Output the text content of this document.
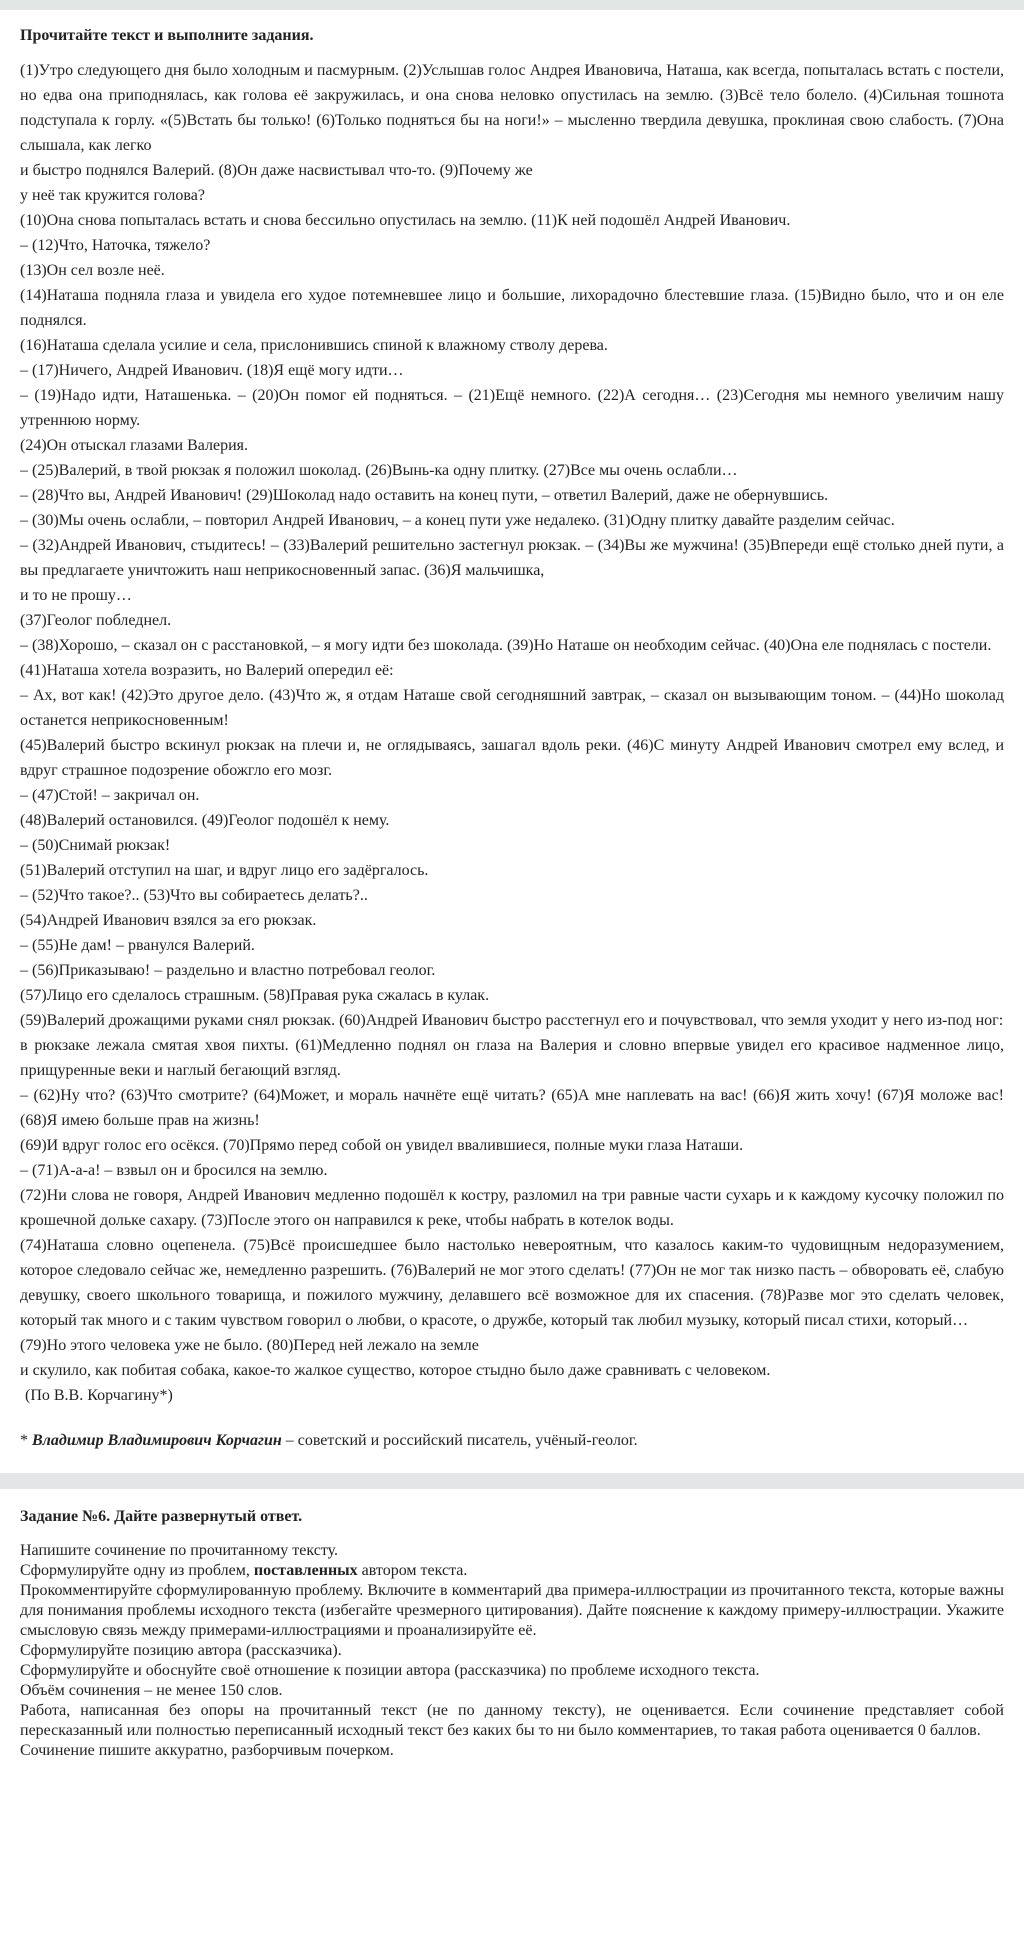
Прочитайте текст и выполните задания.
(1)Утро следующего дня было холодным и пасмурным. (2)Услышав голос Андрея Ивановича, Наташа, как всегда, попыталась встать с постели, но едва она приподнялась, как голова её закружилась, и она снова неловко опустилась на землю. (3)Всё тело болело. (4)Сильная тошнота подступала к горлу. «(5)Встать бы только! (6)Только подняться бы на ноги!» – мысленно твердила девушка, проклиная свою слабость. (7)Она слышала, как легко
и быстро поднялся Валерий. (8)Он даже насвистывал что-то. (9)Почему же
у неё так кружится голова?
(10)Она снова попыталась встать и снова бессильно опустилась на землю. (11)К ней подошёл Андрей Иванович.
– (12)Что, Наточка, тяжело?
(13)Он сел возле неё.
(14)Наташа подняла глаза и увидела его худое потемневшее лицо и большие, лихорадочно блестевшие глаза. (15)Видно было, что и он еле поднялся.
(16)Наташа сделала усилие и села, прислонившись спиной к влажному стволу дерева.
– (17)Ничего, Андрей Иванович. (18)Я ещё могу идти…
– (19)Надо идти, Наташенька. – (20)Он помог ей подняться. – (21)Ещё немного. (22)А сегодня… (23)Сегодня мы немного увеличим нашу утреннюю норму.
(24)Он отыскал глазами Валерия.
– (25)Валерий, в твой рюкзак я положил шоколад. (26)Вынь-ка одну плитку. (27)Все мы очень ослабли…
– (28)Что вы, Андрей Иванович! (29)Шоколад надо оставить на конец пути, – ответил Валерий, даже не обернувшись.
– (30)Мы очень ослабли, – повторил Андрей Иванович, – а конец пути уже недалеко. (31)Одну плитку давайте разделим сейчас.
– (32)Андрей Иванович, стыдитесь! – (33)Валерий решительно застегнул рюкзак. – (34)Вы же мужчина! (35)Впереди ещё столько дней пути, а вы предлагаете уничтожить наш неприкосновенный запас. (36)Я мальчишка,
и то не прошу…
(37)Геолог побледнел.
– (38)Хорошо, – сказал он с расстановкой, – я могу идти без шоколада. (39)Но Наташе он необходим сейчас. (40)Она еле поднялась с постели.
(41)Наташа хотела возразить, но Валерий опередил её:
– Ах, вот как! (42)Это другое дело. (43)Что ж, я отдам Наташе свой сегодняшний завтрак, – сказал он вызывающим тоном. – (44)Но шоколад останется неприкосновенным!
(45)Валерий быстро вскинул рюкзак на плечи и, не оглядываясь, зашагал вдоль реки. (46)С минуту Андрей Иванович смотрел ему вслед, и вдруг страшное подозрение обожгло его мозг.
– (47)Стой! – закричал он.
(48)Валерий остановился. (49)Геолог подошёл к нему.
– (50)Снимай рюкзак!
(51)Валерий отступил на шаг, и вдруг лицо его задёргалось.
– (52)Что такое?.. (53)Что вы собираетесь делать?..
(54)Андрей Иванович взялся за его рюкзак.
– (55)Не дам! – рванулся Валерий.
– (56)Приказываю! – раздельно и властно потребовал геолог.
(57)Лицо его сделалось страшным. (58)Правая рука сжалась в кулак.
(59)Валерий дрожащими руками снял рюкзак. (60)Андрей Иванович быстро расстегнул его и почувствовал, что земля уходит у него из-под ног:
в рюкзаке лежала смятая хвоя пихты. (61)Медленно поднял он глаза на Валерия и словно впервые увидел его красивое надменное лицо, прищуренные веки и наглый бегающий взгляд.
– (62)Ну что? (63)Что смотрите? (64)Может, и мораль начнёте ещё читать? (65)А мне наплевать на вас! (66)Я жить хочу! (67)Я моложе вас! (68)Я имею больше прав на жизнь!
(69)И вдруг голос его осёкся. (70)Прямо перед собой он увидел ввалившиеся, полные муки глаза Наташи.
– (71)А-а-а! – взвыл он и бросился на землю.
(72)Ни слова не говоря, Андрей Иванович медленно подошёл к костру, разломил на три равные части сухарь и к каждому кусочку положил по крошечной дольке сахару. (73)После этого он направился к реке, чтобы набрать в котелок воды.
(74)Наташа словно оцепенела. (75)Всё происшедшее было настолько невероятным, что казалось каким-то чудовищным недоразумением, которое следовало сейчас же, немедленно разрешить. (76)Валерий не мог этого сделать! (77)Он не мог так низко пасть – обворовать её, слабую девушку, своего школьного товарища, и пожилого мужчину, делавшего всё возможное для их спасения. (78)Разве мог это сделать человек, который так много и с таким чувством говорил о любви, о красоте, о дружбе, который так любил музыку, который писал стихи, который…
(79)Но этого человека уже не было. (80)Перед ней лежало на земле
и скулило, как побитая собака, какое-то жалкое существо, которое стыдно было даже сравнивать с человеком.
(По В.В. Корчагину*)
* Владимир Владимирович Корчагин – советский и российский писатель, учёный-геолог.
Задание №6. Дайте развернутый ответ.
Напишите сочинение по прочитанному тексту.
Сформулируйте одну из проблем, поставленных автором текста.
Прокомментируйте сформулированную проблему. Включите в комментарий два примера-иллюстрации из прочитанного текста, которые важны для понимания проблемы исходного текста (избегайте чрезмерного цитирования). Дайте пояснение к каждому примеру-иллюстрации. Укажите смысловую связь между примерами-иллюстрациями и проанализируйте её.
Сформулируйте позицию автора (рассказчика).
Сформулируйте и обоснуйте своё отношение к позиции автора (рассказчика) по проблеме исходного текста.
Объём сочинения – не менее 150 слов.
Работа, написанная без опоры на прочитанный текст (не по данному тексту), не оценивается. Если сочинение представляет собой пересказанный или полностью переписанный исходный текст без каких бы то ни было комментариев, то такая работа оценивается 0 баллов.
Сочинение пишите аккуратно, разборчивым почерком.
